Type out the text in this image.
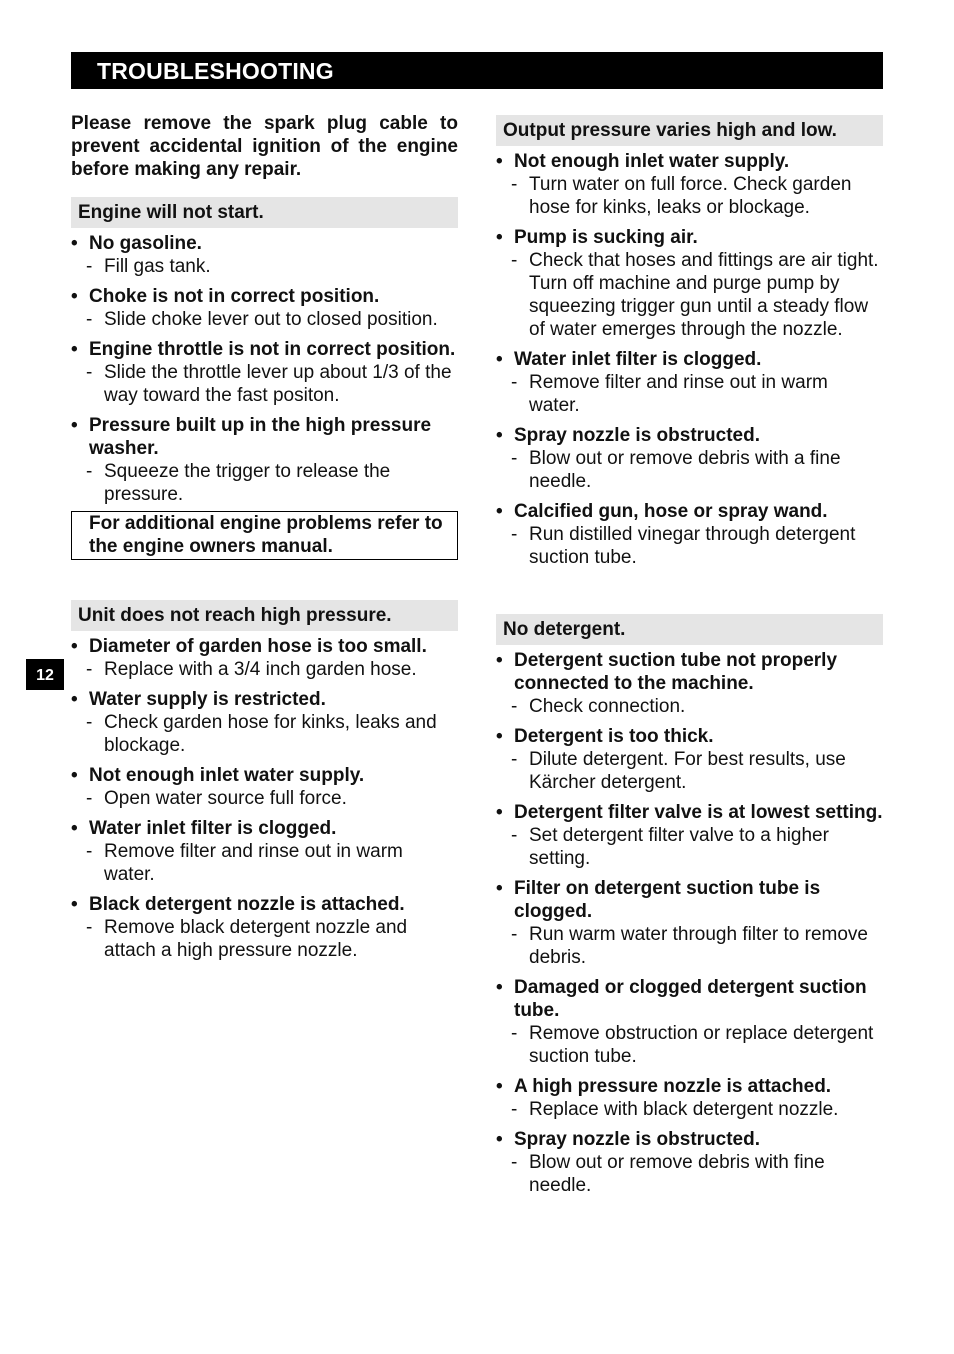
TROUBLESHOOTING
12

Please remove the spark plug cable to prevent accidental ignition of the engine before making any repair.

Engine will not start.
• No gasoline.
- Fill gas tank.
• Choke is not in correct position.
- Slide choke lever out to closed position.
• Engine throttle is not in correct position.
- Slide the throttle lever up about 1/3 of the way toward the fast positon.
• Pressure built up in the high pressure washer.
- Squeeze the trigger to release the pressure.
For additional engine problems refer to the engine owners manual.
Unit does not reach high pressure.
• Diameter of garden hose is too small.
- Replace with a 3/4 inch garden hose.
• Water supply is restricted.
- Check garden hose for kinks, leaks and blockage.
• Not enough inlet water supply.
- Open water source full force.
• Water inlet filter is clogged.
- Remove filter and rinse out in warm water.
• Black detergent nozzle is attached.
- Remove black detergent nozzle and attach a high pressure nozzle.
Output pressure varies high and low.
• Not enough inlet water supply.
- Turn water on full force. Check garden hose for kinks, leaks or blockage.
• Pump is sucking air.
- Check that hoses and fittings are air tight. Turn off machine and purge pump by squeezing trigger gun until a steady flow of water emerges through the nozzle.
• Water inlet filter is clogged.
- Remove filter and rinse out in warm water.
• Spray nozzle is obstructed.
- Blow out or remove debris with a fine needle.
• Calcified gun, hose or spray wand.
- Run distilled vinegar through detergent suction tube.
No detergent.
• Detergent suction tube not properly connected to the machine.
- Check connection.
• Detergent is too thick.
- Dilute detergent. For best results, use Kärcher detergent.
• Detergent filter valve is at lowest setting.
- Set detergent filter valve to a higher setting.
• Filter on detergent suction tube is clogged.
- Run warm water through filter to remove debris.
• Damaged or clogged detergent suction tube.
- Remove obstruction or replace detergent suction tube.
• A high pressure nozzle is attached.
- Replace with black detergent nozzle.
• Spray nozzle is obstructed.
- Blow out or remove debris with fine needle.
